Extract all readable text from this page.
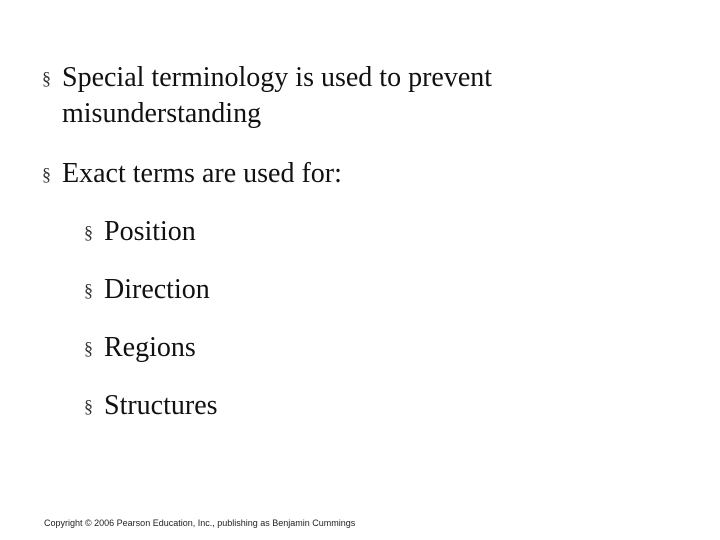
§ Special terminology is used to prevent misunderstanding
§ Exact terms are used for:
§ Position
§ Direction
§ Regions
§ Structures
Copyright © 2006 Pearson Education, Inc., publishing as Benjamin Cummings
